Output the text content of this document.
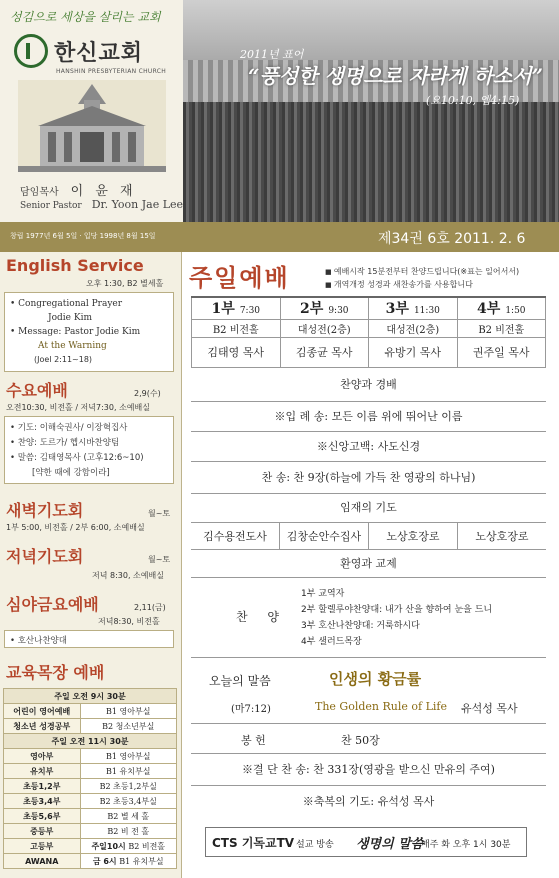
성김으로 세상을 살리는 교회
한신교회
HANSHIN PRESBYTERIAN CHURCH
담임목사 이 윤 재
Senior Pastor Dr. Yoon Jae Lee
2011년 표어
“풍성한 생명으로 자라게 하소서”
(요10:10, 엡4:15)
창립 1977년 6월 5일 · 입당 1998년 8월 15일	제34권 6호 2011. 2. 6
English Service
오후 1:30, B2 별세홀
• Congregational Prayer
Jodie Kim
• Message: Pastor Jodie Kim
At the Warning
(Joel 2:11~18)
수요예배	2,9(수)
오전10:30, 비전홀 / 저녁7:30, 소예배실
• 기도: 이해숙권사/ 이장혁집사
• 찬양: 도르가/ 헵시바찬양팀
• 말씀: 김태영목사 (고후12:6~10)
[약한 때에 강함이라]
새벽기도회	월~토
1부 5:00, 비전홀 / 2부 6:00, 소예배실
저녁기도회	월~토
저녁 8:30, 소예배실
심야금요예배	2,11(금)
저녁8:30, 비전홀
• 호산나찬양대
교육목장 예배
주일 오전 9시 30분	
어린이 영어예배	B1 영아부실
청소년 성경공부	B2 청소년부실
주일 오전 11시 30분	
영아부	B1 영아부실
유치부	B1 유치부실
초등1,2부	B2 초등1,2부실
초등3,4부	B2 초등3,4부실
초등5,6부	B2 별 세 홀
중등부	B2 비 전 홀
고등부	주일10시 B2 비전홀
AWANA	금 6시 B1 유치부실
주일예배	■ 예배시작 15분전부터 찬양드립니다(※표는 일어서서)
■ 개역개정 성경과 새찬송가를 사용합니다
1부 7:30	2부 9:30	3부 11:30	4부 1:50
B2 비전홀	대성전(2층)	대성전(2층)	B2 비전홀
김태영 목사	김종균 목사	유방기 목사	권주일 목사
찬양과 경배
※입 례 송: 모든 이름 위에 뛰어난 이름
※신앙고백: 사도신경
찬 송: 찬 9장(하늘에 가득 찬 영광의 하나님)
임재의 기도
김수용전도사	김창순안수집사	노상호장로	노상호장로
환영과 교제
찬 양
1부 교역자
2부 할렐루야찬양대: 내가 산을 향하여 눈을 드니
3부 호산나찬양대: 거룩하시다
4부 샐러드목장
오늘의 말씀	인생의 황금률
(마7:12)	The Golden Rule of Life 유석성 목사
봉 헌	찬 50장
※결 단 찬 송: 찬 331장(영광을 받으신 만유의 주여)
※축복의 기도: 유석성 목사
CTS 기독교TV 설교 방송 생명의 말씀
매주 화 오후 1시 30분
